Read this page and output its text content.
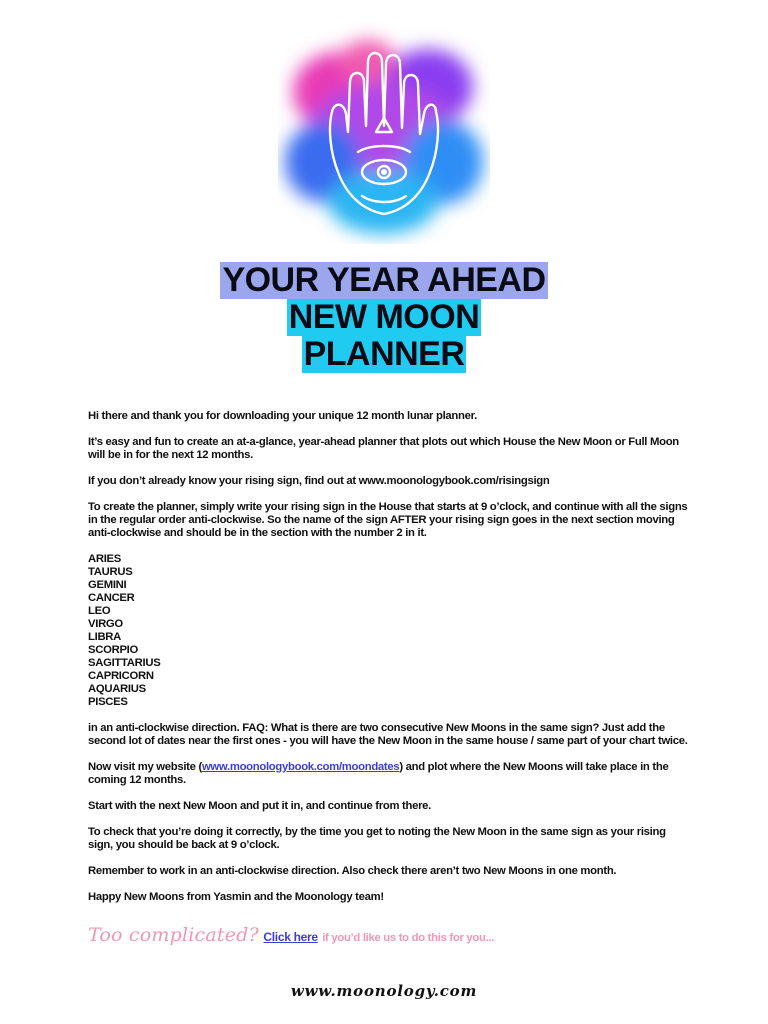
YOUR YEAR AHEAD
NEW MOON
PLANNER

Hi there and thank you for downloading your unique 12 month lunar planner.

It’s easy and fun to create an at-a-glance, year-ahead planner that plots out which House the New Moon or Full Moon will be in for the next 12 months.

If you don’t already know your rising sign, find out at www.moonologybook.com/risingsign

To create the planner, simply write your rising sign in the House that starts at 9 o’clock, and continue with all the signs in the regular order anti-clockwise. So the name of the sign AFTER your rising sign goes in the next section moving anti-clockwise and should be in the section with the number 2 in it.

ARIES
TAURUS
GEMINI
CANCER
LEO
VIRGO
LIBRA
SCORPIO
SAGITTARIUS
CAPRICORN
AQUARIUS
PISCES

in an anti-clockwise direction. FAQ: What is there are two consecutive New Moons in the same sign? Just add the second lot of dates near the first ones - you will have the New Moon in the same house / same part of your chart twice.

Now visit my website (www.moonologybook.com/moondates) and plot where the New Moons will take place in the coming 12 months.

Start with the next New Moon and put it in, and continue from there.

To check that you’re doing it correctly, by the time you get to noting the New Moon in the same sign as your rising sign, you should be back at 9 o’clock.

Remember to work in an anti-clockwise direction. Also check there aren’t two New Moons in one month.

Happy New Moons from Yasmin and the Moonology team!

Too complicated? Click here if you’d like us to do this for you...
www.moonology.com
